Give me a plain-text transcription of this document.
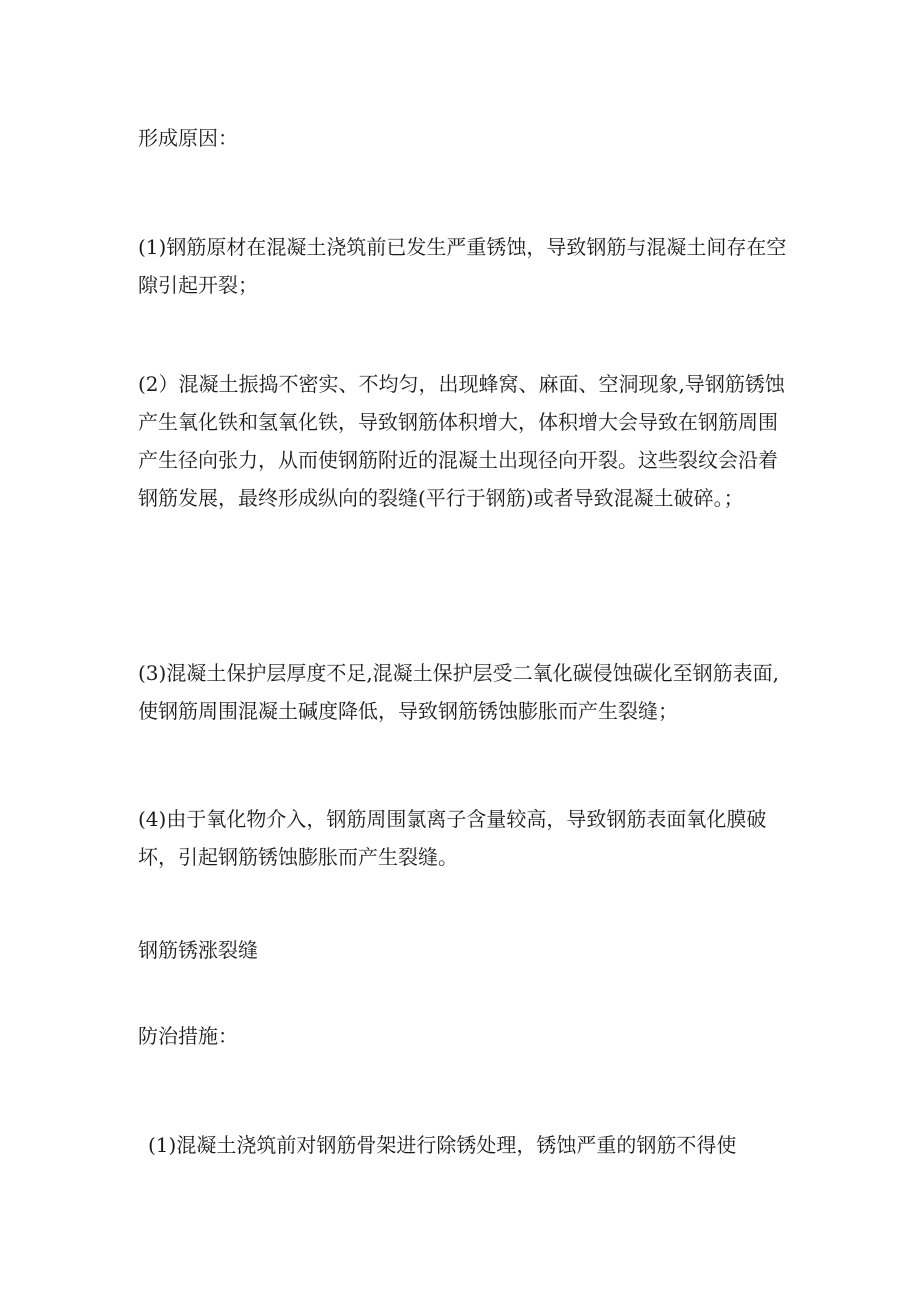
形成原因：

(1)钢筋原材在混凝土浇筑前已发生严重锈蚀，导致钢筋与混凝土间存在空隙引起开裂；

(2）混凝土振捣不密实、不均匀，出现蜂窝、麻面、空洞现象,导钢筋锈蚀产生氧化铁和氢氧化铁，导致钢筋体积增大，体积增大会导致在钢筋周围产生径向张力，从而使钢筋附近的混凝土出现径向开裂。这些裂纹会沿着钢筋发展，最终形成纵向的裂缝(平行于钢筋)或者导致混凝土破碎。；

(3)混凝土保护层厚度不足,混凝土保护层受二氧化碳侵蚀碳化至钢筋表面,使钢筋周围混凝土碱度降低，导致钢筋锈蚀膨胀而产生裂缝；

(4)由于氧化物介入，钢筋周围氯离子含量较高，导致钢筋表面氧化膜破坏，引起钢筋锈蚀膨胀而产生裂缝。

钢筋锈涨裂缝

防治措施：

(1)混凝土浇筑前对钢筋骨架进行除锈处理，锈蚀严重的钢筋不得使
